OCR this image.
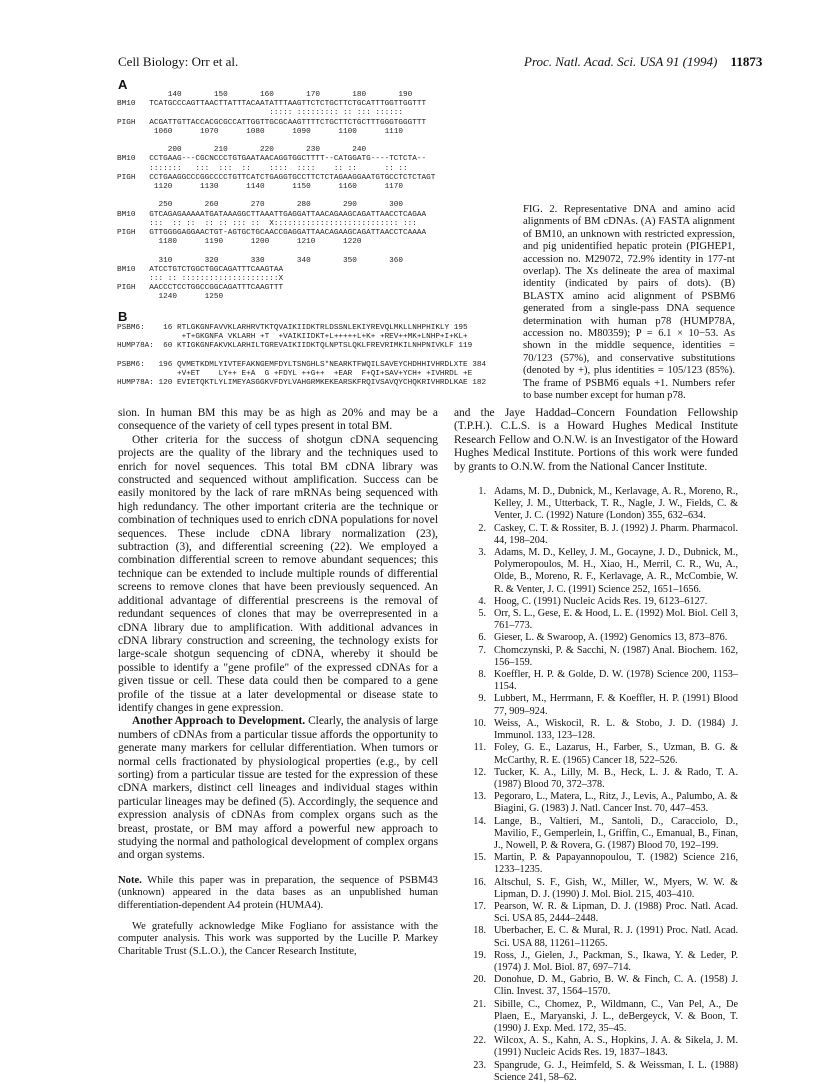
Cell Biology: Orr et al.	Proc. Natl. Acad. Sci. USA 91 (1994) 11873
A
140       150       160       170       180       190
BM10   TCATGCCCAGTTAACTTATTTACAATATTTAAGTTCTCTGCTTCTGCATTTGGTTGGTTT
::::: ::::::::: :: ::: ::::::
PIGH   ACGATTGTTACCACGCGCCATTGGTTGCGCAAGTTTTCTGCTTCTGCTTTGGGTGGGTTT
1060      1070      1080      1090      1100      1110

200       210       220       230       240
BM10   CCTGAAG---CGCNCCCTGTGAATAACAGGTGGCTTTT--CATGGATG----TCTCTA--
:::::::   :::  :::  ::    ::::  ::::    :: ::      :: ::
PIGH   CCTGAAGGCCCGGCCCCTGTTCATCTGAGGTGCCTTCTCTAGAAGGAATGTGCCTCTCTAGT
1120      1130      1140      1150      1160      1170

250       260       270       280       290       300
BM10   GTCAGAGAAAAATGATAAAGGCTTAAATTGAGGATTAACAGAAGCAGATTAACCTCAGAA
:::  :: ::  :: :: ::: ::  X::::::::::::::::::::::::::: :::
PIGH   GTTGGGGAGGAACTGT-AGTGCTGCAACCGAGGATTAACAGAAGCAGATTAACCTCAAAA
1180      1190      1200      1210      1220

310       320       330       340       350       360
BM10   ATCCTGTCTGGCTGGCAGATTTCAAGTAA
::: :: :::::::::::::::::::::X
PIGH   AACCCTCCTGGCCGGCAGATTTCAAGTTT
1240      1250
B
PSBM6:    16 RTLGKGNFAVVKLARHRVTKTQVAIKIIDKTRLDSSNLEKIYREVQLMKLLNHPHIKLY 195
+T+GKGNFA VKLARH +T  +VAIKIIDKT+L+++++L+K+ +REV++MK+LNHP+I+KL+
HUMP78A:  60 KTIGKGNFAKVKLARHILTGREVAIKIIDKTQLNPTSLQKLFREVRIMKILNHPNIVKLF 119

PSBM6:   196 QVMETKDMLYIVTEFAKNGEMFDYLTSNGHLS*NEARKTFWQILSAVEYCHDHHIVHRDLXTE 384
+V+ET    LY++ E+A  G +FDYL ++G++  +EAR  F+QI+SAV+YCH+ +IVHRDL +E
HUMP78A: 120 EVIETQKTLYLIMEYASGGKVFDYLVAHGRMKEKEARSKFRQIVSAVQYCHQKRIVHRDLKAE 182
FIG. 2. Representative DNA and amino acid alignments of BM cDNAs. (A) FASTA alignment of BM10, an unknown with restricted expression, and pig unidentified hepatic protein (PIGHEP1, accession no. M29072, 72.9% identity in 177-nt overlap). The Xs delineate the area of maximal identity (indicated by pairs of dots). (B) BLASTX amino acid alignment of PSBM6 generated from a single-pass DNA sequence determination with human p78 (HUMP78A, accession no. M80359); P = 6.1 × 10−53. As shown in the middle sequence, identities = 70/123 (57%), and conservative substitutions (denoted by +), plus identities = 105/123 (85%). The frame of PSBM6 equals +1. Numbers refer to base number except for human p78.

sion. In human BM this may be as high as 20% and may be a consequence of the variety of cell types present in total BM.

Other criteria for the success of shotgun cDNA sequencing projects are the quality of the library and the techniques used to enrich for novel sequences. This total BM cDNA library was constructed and sequenced without amplification. Success can be easily monitored by the lack of rare mRNAs being sequenced with high redundancy. The other important criteria are the technique or combination of techniques used to enrich cDNA populations for novel sequences. These include cDNA library normalization (23), subtraction (3), and differential screening (22). We employed a combination differential screen to remove abundant sequences; this technique can be extended to include multiple rounds of differential screens to remove clones that have been previously sequenced. An additional advantage of differential prescreens is the removal of redundant sequences of clones that may be overrepresented in a cDNA library due to amplification. With additional advances in cDNA library construction and screening, the technology exists for large-scale shotgun sequencing of cDNA, whereby it should be possible to identify a "gene profile" of the expressed cDNAs for a given tissue or cell. These data could then be compared to a gene profile of the tissue at a later developmental or disease state to identify changes in gene expression.

Another Approach to Development. Clearly, the analysis of large numbers of cDNAs from a particular tissue affords the opportunity to generate many markers for cellular differentiation. When tumors or normal cells fractionated by physiological properties (e.g., by cell sorting) from a particular tissue are tested for the expression of these cDNA markers, distinct cell lineages and individual stages within particular lineages may be defined (5). Accordingly, the sequence and expression analysis of cDNAs from complex organs such as the breast, prostate, or BM may afford a powerful new approach to studying the normal and pathological development of complex organs and organ systems.

Note. While this paper was in preparation, the sequence of PSBM43 (unknown) appeared in the data bases as an unpublished human differentiation-dependent A4 protein (HUMA4).

We gratefully acknowledge Mike Fogliano for assistance with the computer analysis. This work was supported by the Lucille P. Markey Charitable Trust (S.L.O.), the Cancer Research Institute,

and the Jaye Haddad–Concern Foundation Fellowship (T.P.H.). C.L.S. is a Howard Hughes Medical Institute Research Fellow and O.N.W. is an Investigator of the Howard Hughes Medical Institute. Portions of this work were funded by grants to O.N.W. from the National Cancer Institute.

1. Adams, M. D., Dubnick, M., Kerlavage, A. R., Moreno, R., Kelley, J. M., Utterback, T. R., Nagle, J. W., Fields, C. & Venter, J. C. (1992) Nature (London) 355, 632–634.
2. Caskey, C. T. & Rossiter, B. J. (1992) J. Pharm. Pharmacol. 44, 198–204.
3. Adams, M. D., Kelley, J. M., Gocayne, J. D., Dubnick, M., Polymeropoulos, M. H., Xiao, H., Merril, C. R., Wu, A., Olde, B., Moreno, R. F., Kerlavage, A. R., McCombie, W. R. & Venter, J. C. (1991) Science 252, 1651–1656.
4. Hoog, C. (1991) Nucleic Acids Res. 19, 6123–6127.
5. Orr, S. L., Gese, E. & Hood, L. E. (1992) Mol. Biol. Cell 3, 761–773.
6. Gieser, L. & Swaroop, A. (1992) Genomics 13, 873–876.
7. Chomczynski, P. & Sacchi, N. (1987) Anal. Biochem. 162, 156–159.
8. Koeffler, H. P. & Golde, D. W. (1978) Science 200, 1153–1154.
9. Lubbert, M., Herrmann, F. & Koeffler, H. P. (1991) Blood 77, 909–924.
10. Weiss, A., Wiskocil, R. L. & Stobo, J. D. (1984) J. Immunol. 133, 123–128.
11. Foley, G. E., Lazarus, H., Farber, S., Uzman, B. G. & McCarthy, R. E. (1965) Cancer 18, 522–526.
12. Tucker, K. A., Lilly, M. B., Heck, L. J. & Rado, T. A. (1987) Blood 70, 372–378.
13. Pegoraro, L., Matera, L., Ritz, J., Levis, A., Palumbo, A. & Biagini, G. (1983) J. Natl. Cancer Inst. 70, 447–453.
14. Lange, B., Valtieri, M., Santoli, D., Caracciolo, D., Mavilio, F., Gemperlein, I., Griffin, C., Emanual, B., Finan, J., Nowell, P. & Rovera, G. (1987) Blood 70, 192–199.
15. Martin, P. & Papayannopoulou, T. (1982) Science 216, 1233–1235.
16. Altschul, S. F., Gish, W., Miller, W., Myers, W. W. & Lipman, D. J. (1990) J. Mol. Biol. 215, 403–410.
17. Pearson, W. R. & Lipman, D. J. (1988) Proc. Natl. Acad. Sci. USA 85, 2444–2448.
18. Uberbacher, E. C. & Mural, R. J. (1991) Proc. Natl. Acad. Sci. USA 88, 11261–11265.
19. Ross, J., Gielen, J., Packman, S., Ikawa, Y. & Leder, P. (1974) J. Mol. Biol. 87, 697–714.
20. Donohue, D. M., Gabrio, B. W. & Finch, C. A. (1958) J. Clin. Invest. 37, 1564–1570.
21. Sibille, C., Chomez, P., Wildmann, C., Van Pel, A., De Plaen, E., Maryanski, J. L., deBergeyck, V. & Boon, T. (1990) J. Exp. Med. 172, 35–45.
22. Wilcox, A. S., Kahn, A. S., Hopkins, J. A. & Sikela, J. M. (1991) Nucleic Acids Res. 19, 1837–1843.
23. Spangrude, G. J., Heimfeld, S. & Weissman, I. L. (1988) Science 241, 58–62.
